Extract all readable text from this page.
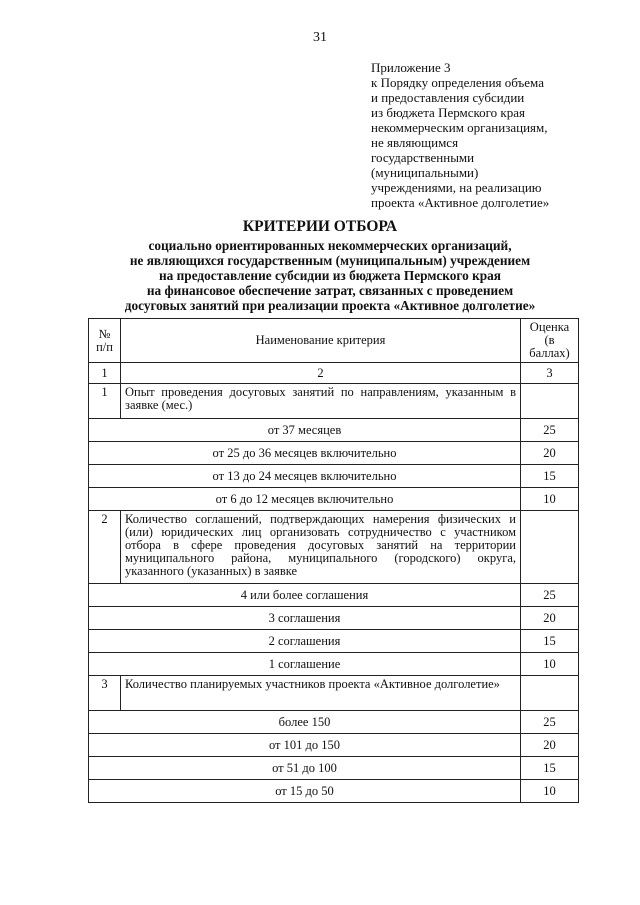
31
Приложение 3
к Порядку определения объема
и предоставления субсидии
из бюджета Пермского края
некоммерческим организациям,
не являющимся
государственными
(муниципальными)
учреждениями, на реализацию
проекта «Активное долголетие»
КРИТЕРИИ ОТБОРА
социально ориентированных некоммерческих организаций,
не являющихся государственным (муниципальным) учреждением
на предоставление субсидии из бюджета Пермского края
на финансовое обеспечение затрат, связанных с проведением
досуговых занятий при реализации проекта «Активное долголетие»
№ п/п	Наименование критерия	Оценка (в баллах)
1	2	3
1	Опыт проведения досуговых занятий по направлениям, указанным в заявке (мес.)	
от 37 месяцев		25
от 25 до 36 месяцев включительно		20
от 13 до 24 месяцев включительно		15
от 6 до 12 месяцев включительно		10
2	Количество соглашений, подтверждающих намерения физических и (или) юридических лиц организовать сотрудничество с участником отбора в сфере проведения досуговых занятий на территории муниципального района, муниципального (городского) округа, указанного (указанных) в заявке	
4 или более соглашения		25
3 соглашения		20
2 соглашения		15
1 соглашение		10
3	Количество планируемых участников проекта «Активное долголетие»	
более 150		25
от 101 до 150		20
от 51 до 100		15
от 15 до 50		10
